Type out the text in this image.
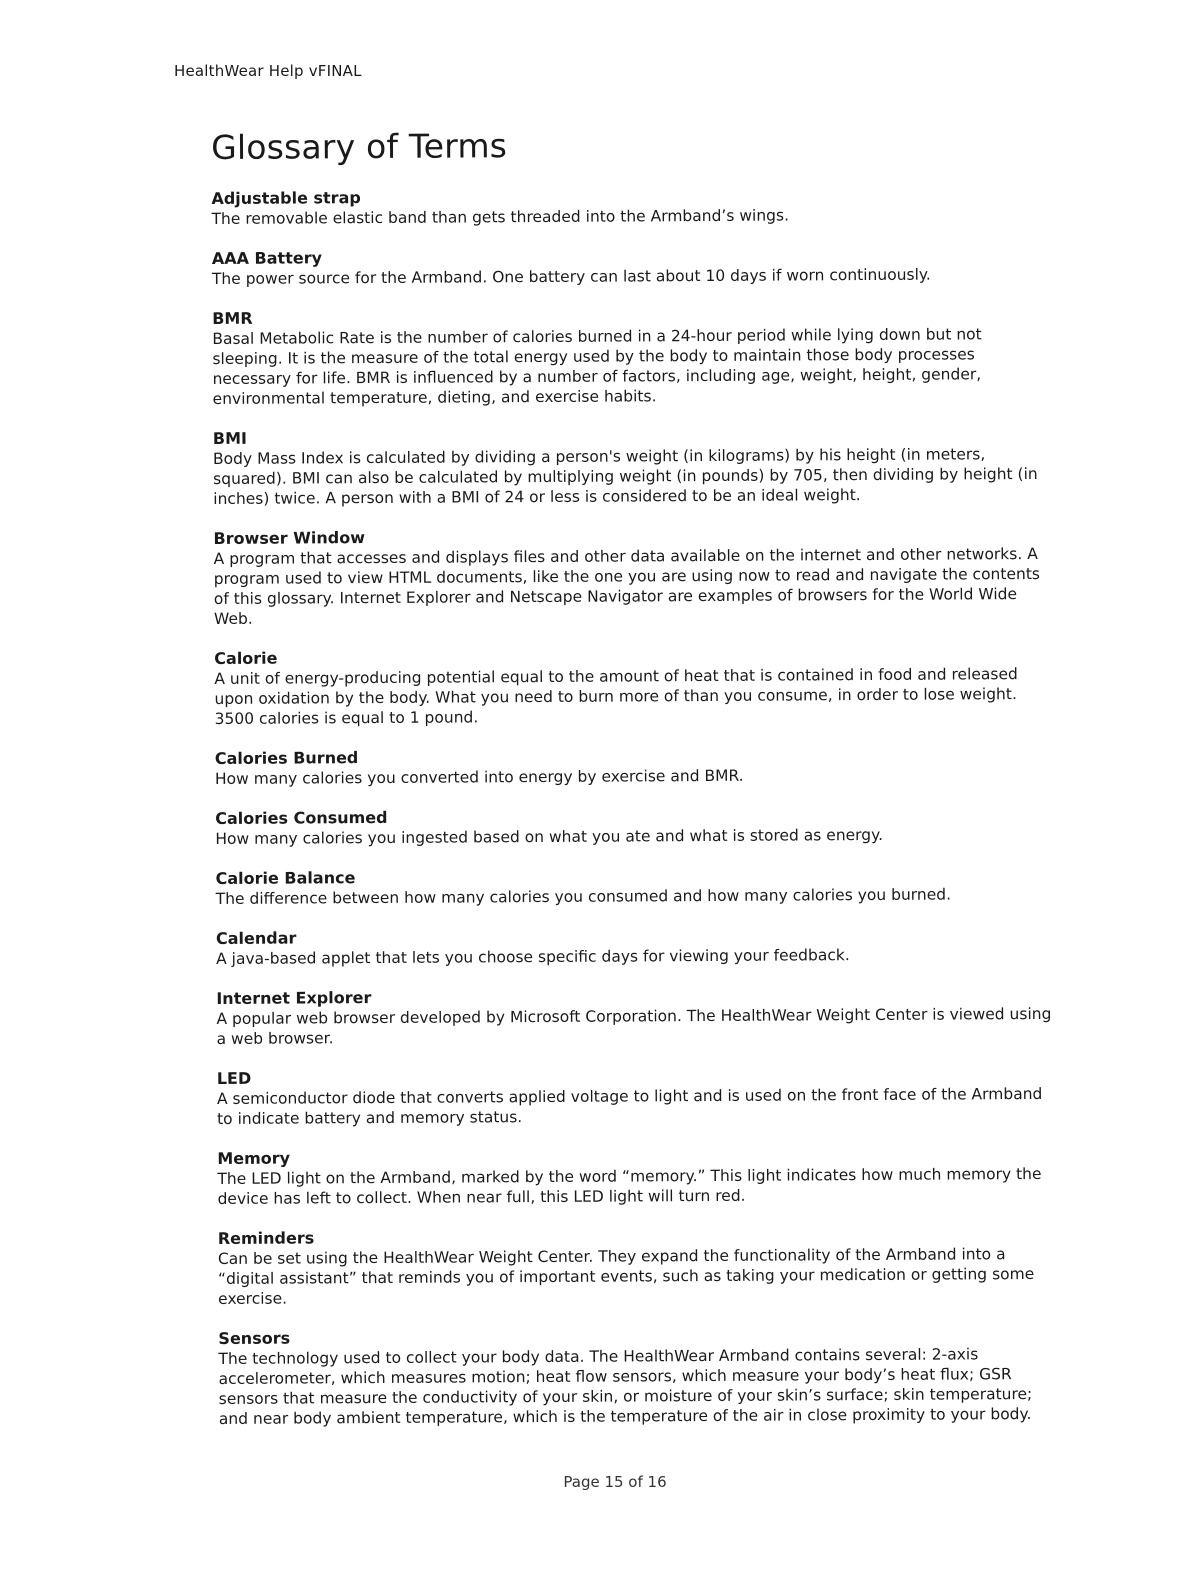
HealthWear Help vFINAL
Glossary of Terms
Adjustable strap
The removable elastic band than gets threaded into the Armband’s wings.
AAA Battery
The power source for the Armband. One battery can last about 10 days if worn continuously.
BMR
Basal Metabolic Rate is the number of calories burned in a 24-hour period while lying down but not sleeping. It is the measure of the total energy used by the body to maintain those body processes necessary for life. BMR is influenced by a number of factors, including age, weight, height, gender, environmental temperature, dieting, and exercise habits.
BMI
Body Mass Index is calculated by dividing a person's weight (in kilograms) by his height (in meters, squared). BMI can also be calculated by multiplying weight (in pounds) by 705, then dividing by height (in inches) twice. A person with a BMI of 24 or less is considered to be an ideal weight.
Browser Window
A program that accesses and displays files and other data available on the internet and other networks. A program used to view HTML documents, like the one you are using now to read and navigate the contents of this glossary. Internet Explorer and Netscape Navigator are examples of browsers for the World Wide Web.
Calorie
A unit of energy-producing potential equal to the amount of heat that is contained in food and released upon oxidation by the body. What you need to burn more of than you consume, in order to lose weight. 3500 calories is equal to 1 pound.
Calories Burned
How many calories you converted into energy by exercise and BMR.
Calories Consumed
How many calories you ingested based on what you ate and what is stored as energy.
Calorie Balance
The difference between how many calories you consumed and how many calories you burned.
Calendar
A java-based applet that lets you choose specific days for viewing your feedback.
Internet Explorer
A popular web browser developed by Microsoft Corporation. The HealthWear Weight Center is viewed using a web browser.
LED
A semiconductor diode that converts applied voltage to light and is used on the front face of the Armband to indicate battery and memory status.
Memory
The LED light on the Armband, marked by the word “memory.” This light indicates how much memory the device has left to collect. When near full, this LED light will turn red.
Reminders
Can be set using the HealthWear Weight Center. They expand the functionality of the Armband into a “digital assistant” that reminds you of important events, such as taking your medication or getting some exercise.
Sensors
The technology used to collect your body data. The HealthWear Armband contains several: 2-axis accelerometer, which measures motion; heat flow sensors, which measure your body’s heat flux; GSR sensors that measure the conductivity of your skin, or moisture of your skin’s surface; skin temperature; and near body ambient temperature, which is the temperature of the air in close proximity to your body.
Page 15 of 16
